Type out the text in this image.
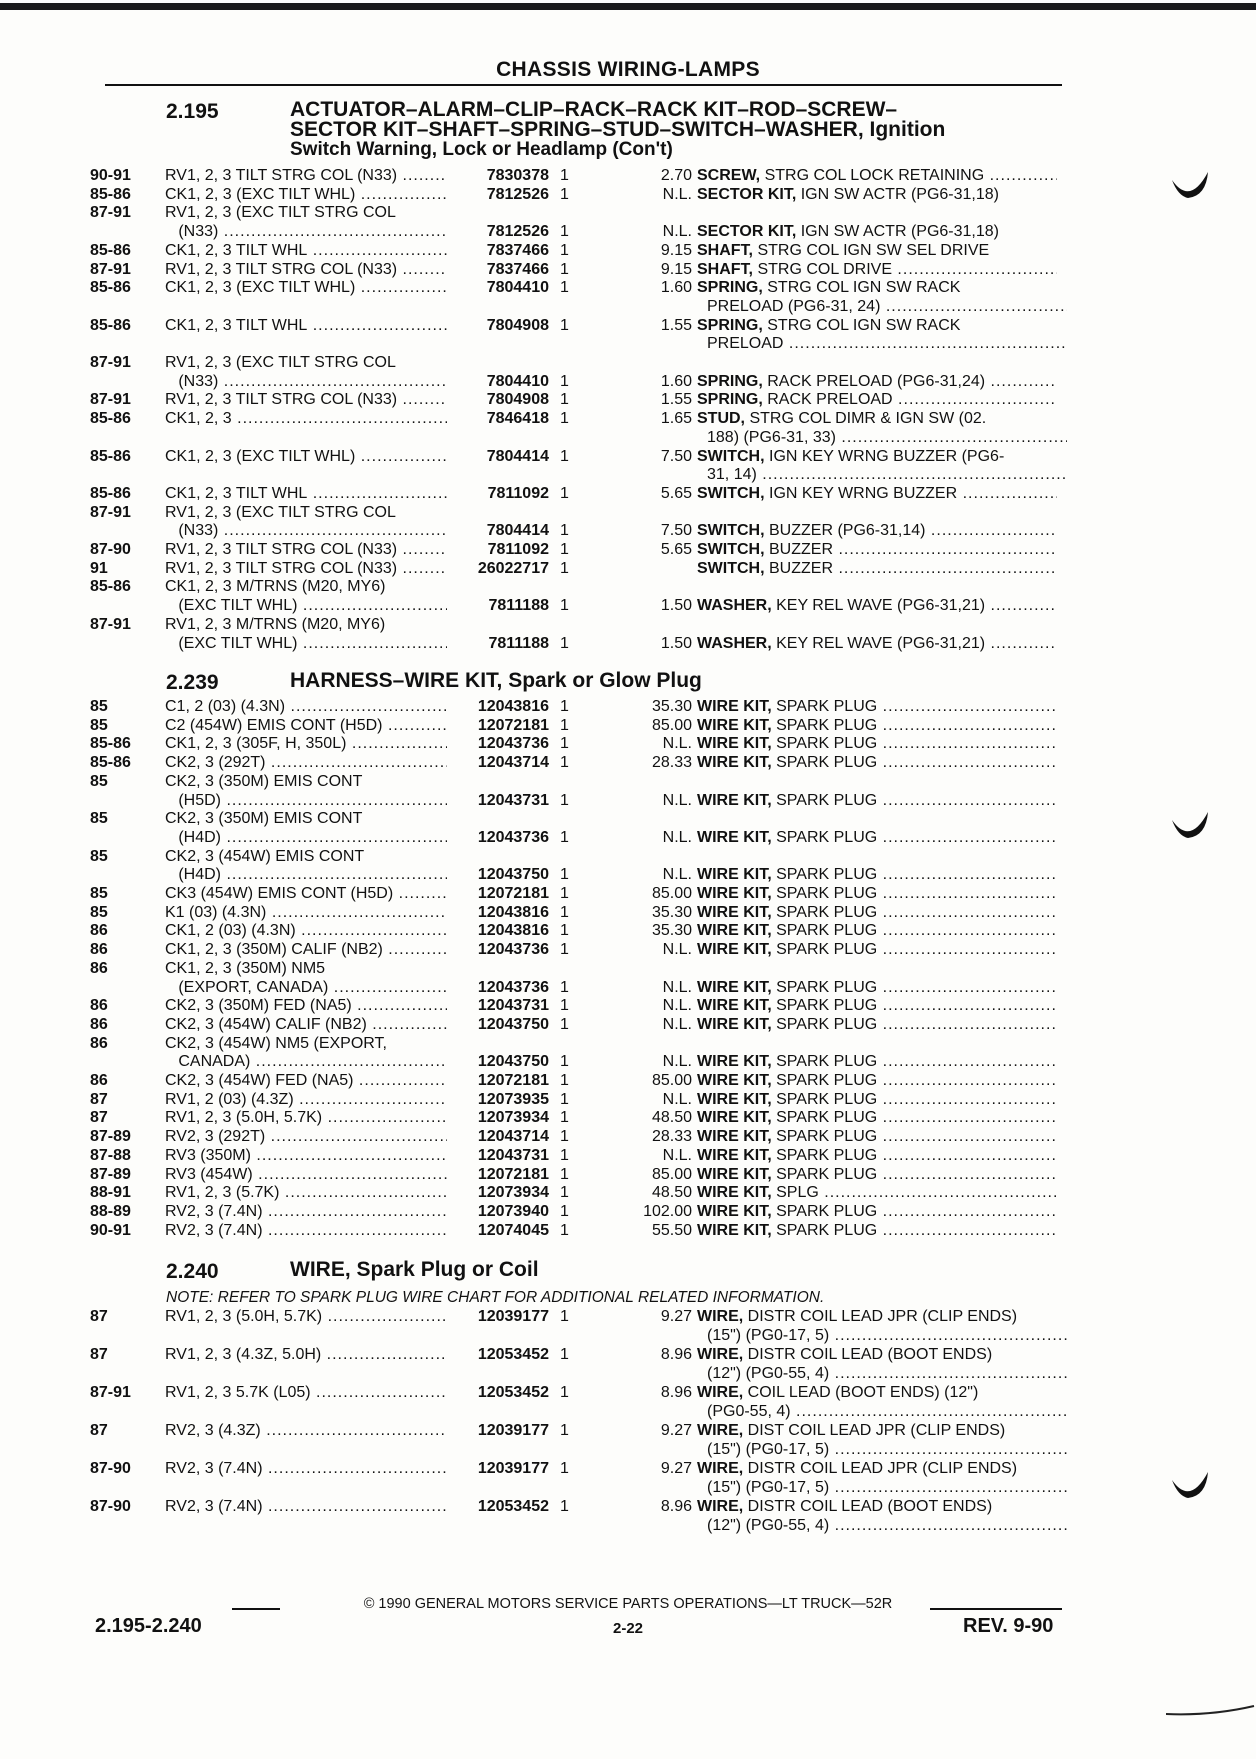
CHASSIS WIRING-LAMPS
2.195	ACTUATOR–ALARM–CLIP–RACK–RACK KIT–ROD–SCREW–
SECTOR KIT–SHAFT–SPRING–STUD–SWITCH–WASHER, Ignition
Switch Warning, Lock or Headlamp (Con't)
90-91	RV1, 2, 3 TILT STRG COL (N33) .....	7830378 1	2.70 SCREW, STRG COL LOCK RETAINING .....
85-86	CK1, 2, 3 (EXC TILT WHL) .....	7812526 1	N.L. SECTOR KIT, IGN SW ACTR (PG6-31,18)
87-91	RV1, 2, 3 (EXC TILT STRG COL
(N33) .....	7812526 1	N.L. SECTOR KIT, IGN SW ACTR (PG6-31,18)
85-86	CK1, 2, 3 TILT WHL .....	7837466 1	9.15 SHAFT, STRG COL IGN SW SEL DRIVE
87-91	RV1, 2, 3 TILT STRG COL (N33) .....	7837466 1	9.15 SHAFT, STRG COL DRIVE .....
85-86	CK1, 2, 3 (EXC TILT WHL) .....	7804410 1	1.60 SPRING, STRG COL IGN SW RACK
PRELOAD (PG6-31, 24) .....
85-86	CK1, 2, 3 TILT WHL .....	7804908 1	1.55 SPRING, STRG COL IGN SW RACK
PRELOAD .....
87-91	RV1, 2, 3 (EXC TILT STRG COL
(N33) .....	7804410 1	1.60 SPRING, RACK PRELOAD (PG6-31,24) .....
87-91	RV1, 2, 3 TILT STRG COL (N33) .....	7804908 1	1.55 SPRING, RACK PRELOAD .....
85-86	CK1, 2, 3 .....	7846418 1	1.65 STUD, STRG COL DIMR & IGN SW (02.
188) (PG6-31, 33) .....
85-86	CK1, 2, 3 (EXC TILT WHL) .....	7804414 1	7.50 SWITCH, IGN KEY WRNG BUZZER (PG6-
31, 14) .....
85-86	CK1, 2, 3 TILT WHL .....	7811092 1	5.65 SWITCH, IGN KEY WRNG BUZZER .....
87-91	RV1, 2, 3 (EXC TILT STRG COL
(N33) .....	7804414 1	7.50 SWITCH, BUZZER (PG6-31,14) .....
87-90	RV1, 2, 3 TILT STRG COL (N33) .....	7811092 1	5.65 SWITCH, BUZZER .....
91	RV1, 2, 3 TILT STRG COL (N33) .....	26022717 1	SWITCH, BUZZER .....
85-86	CK1, 2, 3 M/TRNS (M20, MY6)
(EXC TILT WHL) .....	7811188 1	1.50 WASHER, KEY REL WAVE (PG6-31,21) .....
87-91	RV1, 2, 3 M/TRNS (M20, MY6)
(EXC TILT WHL) .....	7811188 1	1.50 WASHER, KEY REL WAVE (PG6-31,21) .....
2.239	HARNESS–WIRE KIT, Spark or Glow Plug
85	C1, 2 (03) (4.3N) .....	12043816 1	35.30 WIRE KIT, SPARK PLUG .....
85	C2 (454W) EMIS CONT (H5D) .....	12072181 1	85.00 WIRE KIT, SPARK PLUG .....
85-86	CK1, 2, 3 (305F, H, 350L) .....	12043736 1	N.L. WIRE KIT, SPARK PLUG .....
85-86	CK2, 3 (292T) .....	12043714 1	28.33 WIRE KIT, SPARK PLUG .....
85	CK2, 3 (350M) EMIS CONT
(H5D) .....	12043731 1	N.L. WIRE KIT, SPARK PLUG .....
85	CK2, 3 (350M) EMIS CONT
(H4D) .....	12043736 1	N.L. WIRE KIT, SPARK PLUG .....
85	CK2, 3 (454W) EMIS CONT
(H4D) .....	12043750 1	N.L. WIRE KIT, SPARK PLUG .....
85	CK3 (454W) EMIS CONT (H5D) .....	12072181 1	85.00 WIRE KIT, SPARK PLUG .....
85	K1 (03) (4.3N) .....	12043816 1	35.30 WIRE KIT, SPARK PLUG .....
86	CK1, 2 (03) (4.3N) .....	12043816 1	35.30 WIRE KIT, SPARK PLUG .....
86	CK1, 2, 3 (350M) CALIF (NB2) .....	12043736 1	N.L. WIRE KIT, SPARK PLUG .....
86	CK1, 2, 3 (350M) NM5
(EXPORT, CANADA) .....	12043736 1	N.L. WIRE KIT, SPARK PLUG .....
86	CK2, 3 (350M) FED (NA5) .....	12043731 1	N.L. WIRE KIT, SPARK PLUG .....
86	CK2, 3 (454W) CALIF (NB2) .....	12043750 1	N.L. WIRE KIT, SPARK PLUG .....
86	CK2, 3 (454W) NM5 (EXPORT,
CANADA) .....	12043750 1	N.L. WIRE KIT, SPARK PLUG .....
86	CK2, 3 (454W) FED (NA5) .....	12072181 1	85.00 WIRE KIT, SPARK PLUG .....
87	RV1, 2 (03) (4.3Z) .....	12073935 1	N.L. WIRE KIT, SPARK PLUG .....
87	RV1, 2, 3 (5.0H, 5.7K) .....	12073934 1	48.50 WIRE KIT, SPARK PLUG .....
87-89	RV2, 3 (292T) .....	12043714 1	28.33 WIRE KIT, SPARK PLUG .....
87-88	RV3 (350M) .....	12043731 1	N.L. WIRE KIT, SPARK PLUG .....
87-89	RV3 (454W) .....	12072181 1	85.00 WIRE KIT, SPARK PLUG .....
88-91	RV1, 2, 3 (5.7K) .....	12073934 1	48.50 WIRE KIT, SPLG .....
88-89	RV2, 3 (7.4N) .....	12073940 1	102.00 WIRE KIT, SPARK PLUG .....
90-91	RV2, 3 (7.4N) .....	12074045 1	55.50 WIRE KIT, SPARK PLUG .....
2.240	WIRE, Spark Plug or Coil
NOTE: REFER TO SPARK PLUG WIRE CHART FOR ADDITIONAL RELATED INFORMATION.
87	RV1, 2, 3 (5.0H, 5.7K) .....	12039177 1	9.27 WIRE, DISTR COIL LEAD JPR (CLIP ENDS)
(15") (PG0-17, 5) .....
87	RV1, 2, 3 (4.3Z, 5.0H) .....	12053452 1	8.96 WIRE, DISTR COIL LEAD (BOOT ENDS)
(12") (PG0-55, 4) .....
87-91	RV1, 2, 3 5.7K (L05) .....	12053452 1	8.96 WIRE, COIL LEAD (BOOT ENDS) (12")
(PG0-55, 4) .....
87	RV2, 3 (4.3Z) .....	12039177 1	9.27 WIRE, DIST COIL LEAD JPR (CLIP ENDS)
(15") (PG0-17, 5) .....
87-90	RV2, 3 (7.4N) .....	12039177 1	9.27 WIRE, DISTR COIL LEAD JPR (CLIP ENDS)
(15") (PG0-17, 5) .....
87-90	RV2, 3 (7.4N) .....	12053452 1	8.96 WIRE, DISTR COIL LEAD (BOOT ENDS)
(12") (PG0-55, 4) .....
© 1990 GENERAL MOTORS SERVICE PARTS OPERATIONS—LT TRUCK—52R
2.195-2.240	2-22	REV. 9-90
